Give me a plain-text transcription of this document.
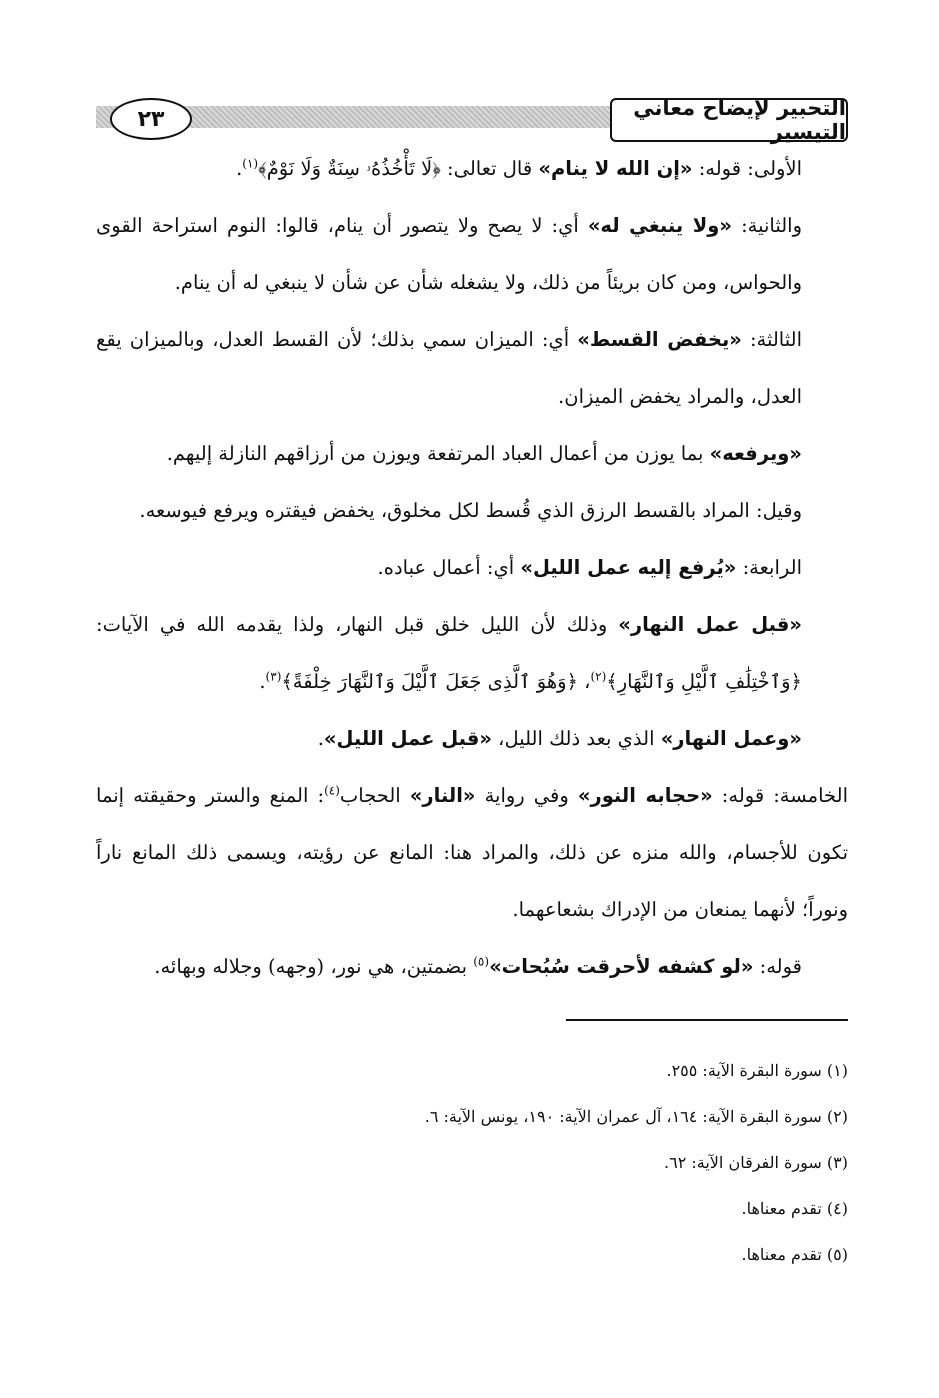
٢٣	التحبير لإيضاح معاني التيسير

الأولى: قوله: «إن الله لا ينام» قال تعالى: ﴿لَا تَأْخُذُهُۥ سِنَةٌ وَلَا نَوْمٌ﴾$^{(١)}$.

والثانية: «ولا ينبغي له» أي: لا يصح ولا يتصور أن ينام، قالوا: النوم استراحة القوى والحواس، ومن كان بريئاً من ذلك، ولا يشغله شأن عن شأن لا ينبغي له أن ينام.

الثالثة: «يخفض القسط» أي: الميزان سمي بذلك؛ لأن القسط العدل، وبالميزان يقع العدل، والمراد يخفض الميزان.

«ويرفعه» بما يوزن من أعمال العباد المرتفعة ويوزن من أرزاقهم النازلة إليهم.

وقيل: المراد بالقسط الرزق الذي قُسط لكل مخلوق، يخفض فيقتره ويرفع فيوسعه.

الرابعة: «يُرفع إليه عمل الليل» أي: أعمال عباده.

«قبل عمل النهار» وذلك لأن الليل خلق قبل النهار، ولذا يقدمه الله في الآيات: ﴿وَٱخْتِلَٰفِ ٱلَّيْلِ وَٱلنَّهَارِ﴾$^{(٢)}$، ﴿وَهُوَ ٱلَّذِى جَعَلَ ٱلَّيْلَ وَٱلنَّهَارَ خِلْفَةً﴾$^{(٣)}$.

«وعمل النهار» الذي بعد ذلك الليل، «قبل عمل الليل».

الخامسة: قوله: «حجابه النور» وفي رواية «النار» الحجاب$^{(٤)}$: المنع والستر وحقيقته إنما تكون للأجسام، والله منزه عن ذلك، والمراد هنا: المانع عن رؤيته، ويسمى ذلك المانع ناراً ونوراً؛ لأنهما يمنعان من الإدراك بشعاعهما.

قوله: «لو كشفه لأحرقت سُبُحات»$^{(٥)}$ بضمتين، هي نور، (وجهه) وجلاله وبهائه.

(١) سورة البقرة الآية: ٢٥٥.

(٢) سورة البقرة الآية: ١٦٤، آل عمران الآية: ١٩٠، يونس الآية: ٦.

(٣) سورة الفرقان الآية: ٦٢.

(٤) تقدم معناها.

(٥) تقدم معناها.
